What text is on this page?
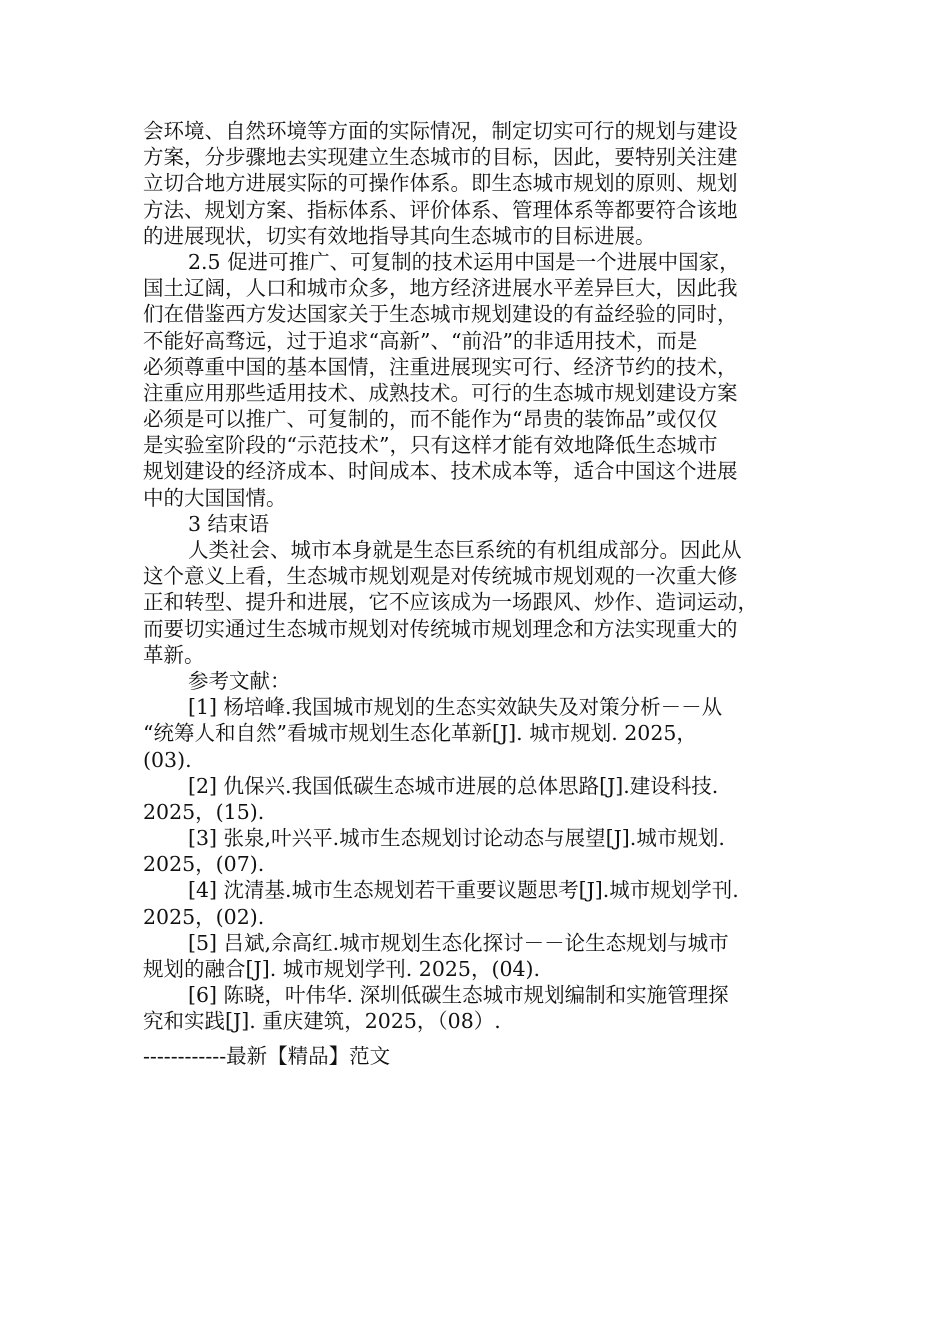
会环境、自然环境等方面的实际情况，制定切实可行的规划与建设
方案，分步骤地去实现建立生态城市的目标，因此，要特别关注建
立切合地方进展实际的可操作体系。即生态城市规划的原则、规划
方法、规划方案、指标体系、评价体系、管理体系等都要符合该地
的进展现状，切实有效地指导其向生态城市的目标进展。
2.5 促进可推广、可复制的技术运用中国是一个进展中国家，
国土辽阔，人口和城市众多，地方经济进展水平差异巨大，因此我
们在借鉴西方发达国家关于生态城市规划建设的有益经验的同时，
不能好高骛远，过于追求“高新”、“前沿”的非适用技术，而是
必须尊重中国的基本国情，注重进展现实可行、经济节约的技术，
注重应用那些适用技术、成熟技术。可行的生态城市规划建设方案
必须是可以推广、可复制的，而不能作为“昂贵的装饰品”或仅仅
是实验室阶段的“示范技术”，只有这样才能有效地降低生态城市
规划建设的经济成本、时间成本、技术成本等，适合中国这个进展
中的大国国情。
3 结束语
人类社会、城市本身就是生态巨系统的有机组成部分。因此从
这个意义上看，生态城市规划观是对传统城市规划观的一次重大修
正和转型、提升和进展，它不应该成为一场跟风、炒作、造词运动，
而要切实通过生态城市规划对传统城市规划理念和方法实现重大的
革新。
参考文献：
[1] 杨培峰.我国城市规划的生态实效缺失及对策分析－－从
“统筹人和自然”看城市规划生态化革新[J]. 城市规划. 2025，
(03).
[2] 仇保兴.我国低碳生态城市进展的总体思路[J].建设科技.
2025，(15).
[3] 张泉,叶兴平.城市生态规划讨论动态与展望[J].城市规划.
2025，(07).
[4] 沈清基.城市生态规划若干重要议题思考[J].城市规划学刊.
2025，(02).
[5] 吕斌,佘高红.城市规划生态化探讨－－论生态规划与城市
规划的融合[J]. 城市规划学刊. 2025，(04).
[6] 陈晓，叶伟华. 深圳低碳生态城市规划编制和实施管理探
究和实践[J]. 重庆建筑，2025，（08）.
------------最新【精品】范文
